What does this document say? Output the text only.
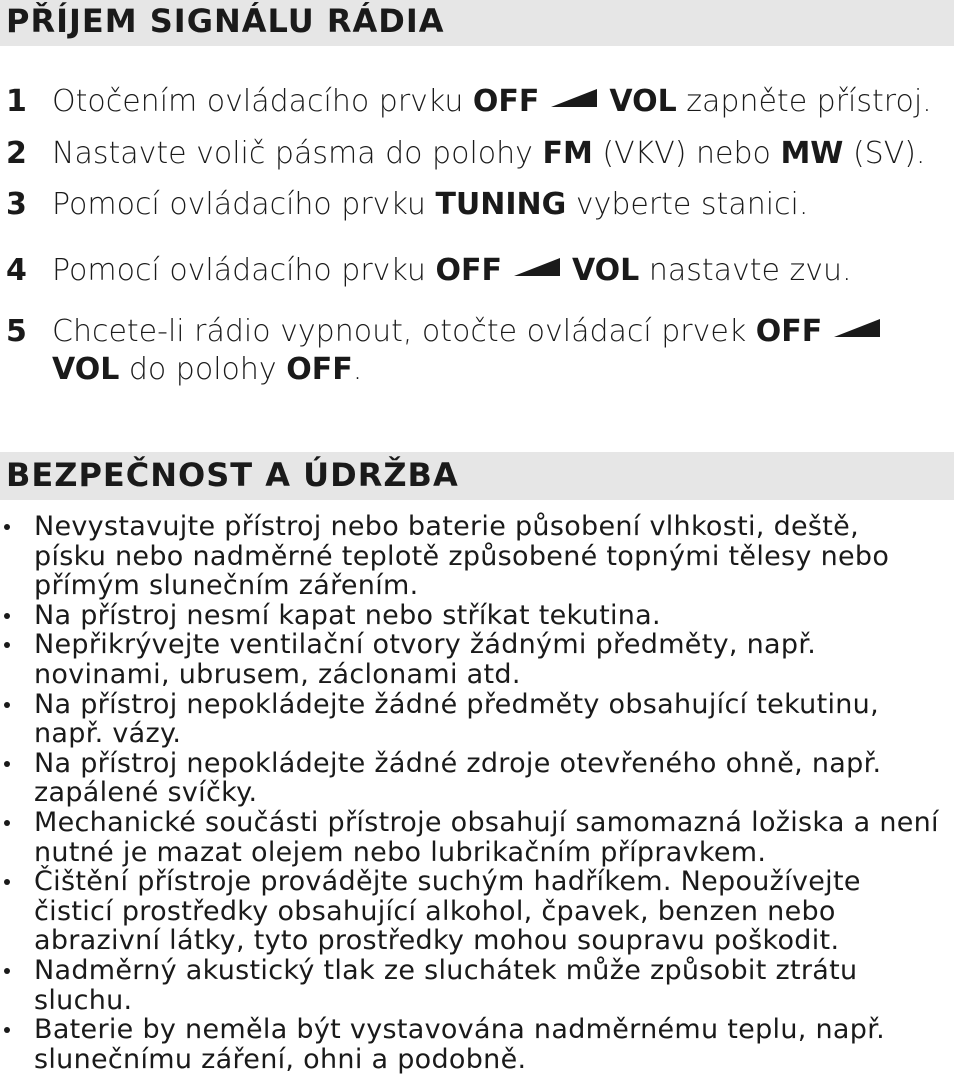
PŘÍJEM SIGNÁLU RÁDIA
1 Otočením ovládacího prvku OFF VOL zapněte přístroj.
2 Nastavte volič pásma do polohy FM (VKV) nebo MW (SV).
3 Pomocí ovládacího prvku TUNING vyberte stanici.
4 Pomocí ovládacího prvku OFF VOL nastavte zvu.
5 Chcete-li rádio vypnout, otočte ovládací prvek OFF
VOL do polohy OFF.
BEZPEČNOST A ÚDRŽBA

Nevystavujte přístroj nebo baterie působení vlhkosti, deště, písku nebo nadměrné teplotě způsobené topnými tělesy nebo přímým slunečním zářením.

Na přístroj nesmí kapat nebo stříkat tekutina.

Nepřikrývejte ventilační otvory žádnými předměty, např. novinami, ubrusem, záclonami atd.

Na přístroj nepokládejte žádné předměty obsahující tekutinu, např. vázy.

Na přístroj nepokládejte žádné zdroje otevřeného ohně, např. zapálené svíčky.

Mechanické součásti přístroje obsahují samomazná ložiska a není nutné je mazat olejem nebo lubrikačním přípravkem.

Čištění přístroje provádějte suchým hadříkem. Nepoužívejte čisticí prostředky obsahující alkohol, čpavek, benzen nebo abrazivní látky, tyto prostředky mohou soupravu poškodit.

Nadměrný akustický tlak ze sluchátek může způsobit ztrátu sluchu.

Baterie by neměla být vystavována nadměrnému teplu, např. slunečnímu záření, ohni a podobně.
